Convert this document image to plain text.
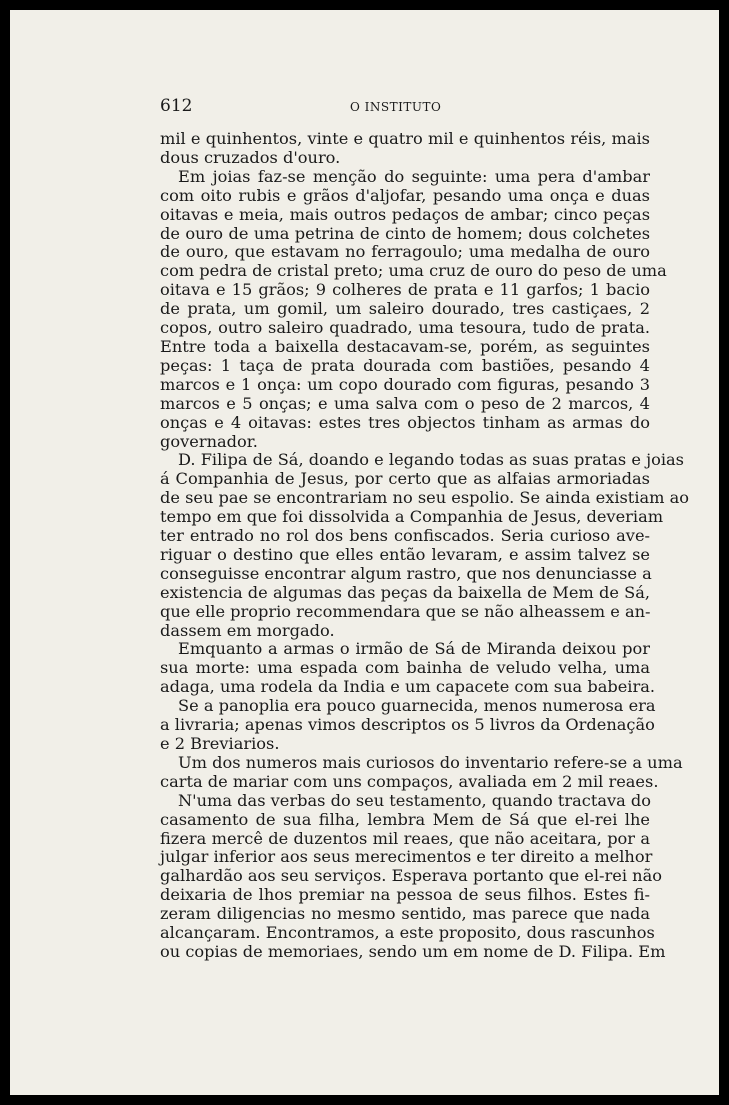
612	O INSTITUTO
mil e quinhentos, vinte e quatro mil e quinhentos réis, mais
dous cruzados d'ouro.
Em joias faz-se menção do seguinte: uma pera d'ambar
com oito rubis e grãos d'aljofar, pesando uma onça e duas
oitavas e meia, mais outros pedaços de ambar; cinco peças
de ouro de uma petrina de cinto de homem; dous colchetes
de ouro, que estavam no ferragoulo; uma medalha de ouro
com pedra de cristal preto; uma cruz de ouro do peso de uma
oitava e 15 grãos; 9 colheres de prata e 11 garfos; 1 bacio
de prata, um gomil, um saleiro dourado, tres castiçaes, 2
copos, outro saleiro quadrado, uma tesoura, tudo de prata.
Entre toda a baixella destacavam-se, porém, as seguintes
peças: 1 taça de prata dourada com bastiões, pesando 4
marcos e 1 onça: um copo dourado com figuras, pesando 3
marcos e 5 onças; e uma salva com o peso de 2 marcos, 4
onças e 4 oitavas: estes tres objectos tinham as armas do
governador.
D. Filipa de Sá, doando e legando todas as suas pratas e joias
á Companhia de Jesus, por certo que as alfaias armoriadas
de seu pae se encontrariam no seu espolio. Se ainda existiam ao
tempo em que foi dissolvida a Companhia de Jesus, deveriam
ter entrado no rol dos bens confiscados. Seria curioso ave-
riguar o destino que elles então levaram, e assim talvez se
conseguisse encontrar algum rastro, que nos denunciasse a
existencia de algumas das peças da baixella de Mem de Sá,
que elle proprio recommendara que se não alheassem e an-
dassem em morgado.
Emquanto a armas o irmão de Sá de Miranda deixou por
sua morte: uma espada com bainha de veludo velha, uma
adaga, uma rodela da India e um capacete com sua babeira.
Se a panoplia era pouco guarnecida, menos numerosa era
a livraria; apenas vimos descriptos os 5 livros da Ordenação
e 2 Breviarios.
Um dos numeros mais curiosos do inventario refere-se a uma
carta de mariar com uns compaços, avaliada em 2 mil reaes.
N'uma das verbas do seu testamento, quando tractava do
casamento de sua filha, lembra Mem de Sá que el-rei lhe
fizera mercê de duzentos mil reaes, que não aceitara, por a
julgar inferior aos seus merecimentos e ter direito a melhor
galhardão aos seu serviços. Esperava portanto que el-rei não
deixaria de lhos premiar na pessoa de seus filhos. Estes fi-
zeram diligencias no mesmo sentido, mas parece que nada
alcançaram. Encontramos, a este proposito, dous rascunhos
ou copias de memoriaes, sendo um em nome de D. Filipa. Em
